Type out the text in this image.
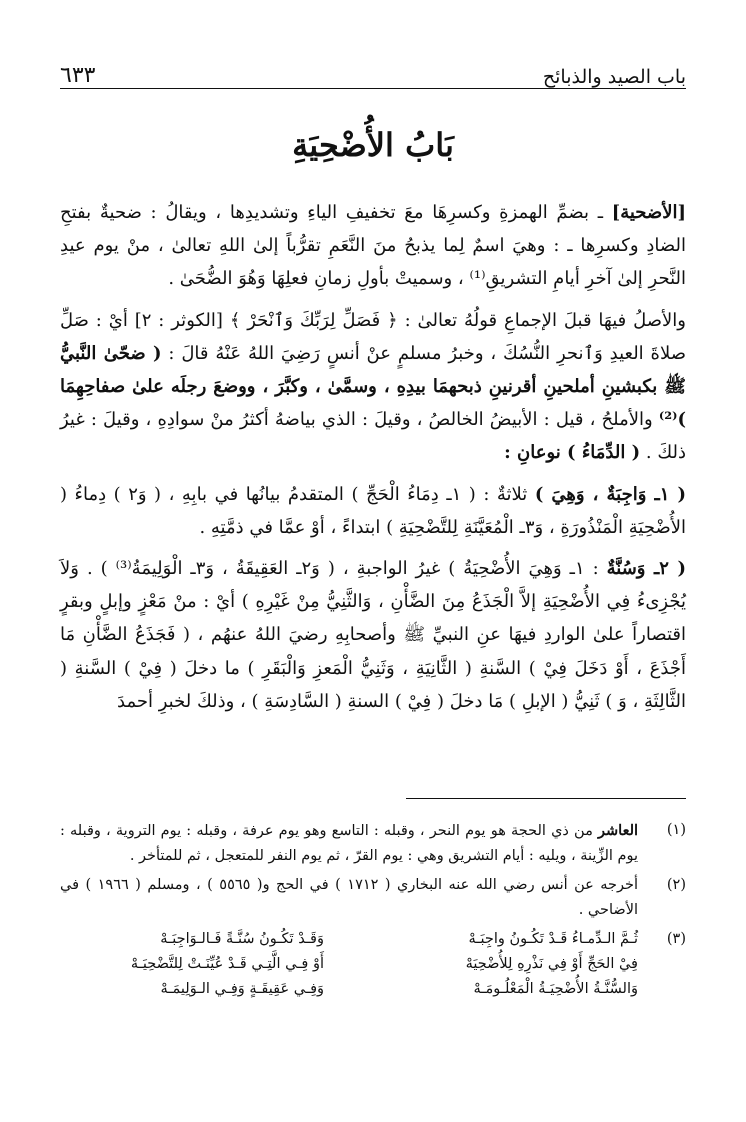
باب الصيد والذبائح
٦٣٣
بَابُ الأُضْحِيَةِ

[الأضحية] ـ بضمِّ الهمزةِ وكسرِهَا معَ تخفيفِ الياءِ وتشديدِها ، ويقالُ : ضحيةٌ بفتحِ الضادِ وكسرِها ـ : وهيَ اسمٌ لِما يذبحُ منَ النَّعَمِ تقرُّباً إلىٰ اللهِ تعالىٰ ، منْ يوم عيدِ النَّحرِ إلىٰ آخرِ أيامِ التشريقِ⁽¹⁾ ، وسميتْ بأولِ زمانِ فعلِهَا وَهُوَ الضُّحَىٰ .

والأصلُ فيهَا قبلَ الإجماعِ قولُهُ تعالىٰ : ﴿ فَصَلِّ لِرَبِّكَ وَٱنْحَرْ ﴾ [الكوثر : ٢] أيْ : صَلِّ صلاةَ العيدِ وَٱنحرِ النُّسُكَ ، وخبرُ مسلمٍ عنْ أنسٍ رَضِيَ اللهُ عَنْهُ قالَ : ( ضحّىٰ النَّبيُّ ﷺ بكبشينِ أملحينِ أقرنينِ ذبحهمَا بيدِهِ ، وسمَّىٰ ، وكبَّرَ ، ووضعَ رجلَه علىٰ صفاحِهِمَا )⁽²⁾ والأملحُ ، قيل : الأبيضُ الخالصُ ، وقيلَ : الذي بياضهُ أكثرُ منْ سوادِهِ ، وقيلَ : غيرُ ذلكَ . ( الدِّمَاءُ ) نوعانِ :

( ١ـ وَاجِبَةٌ ، وَهِيَ ) ثلاثةٌ : ( ١ـ دِمَاءُ الْحَجِّ ) المتقدمُ بيانُها في بابِهِ ، ( وَ٢ ) دِماءُ ( الأُضْحِيَةِ الْمَنْذُورَةِ ، وَ٣ـ الْمُعَيَّنَةِ لِلتَّضْحِيَةِ ) ابتداءً ، أوْ عمَّا في ذمَّتِهِ .

( ٢ـ وَسُنَّةٌ : ١ـ وَهِيَ الأُضْحِيَةُ ) غيرُ الواجبةِ ، ( وَ٢ـ العَقِيقَةُ ، وَ٣ـ الْوَلِيمَةُ⁽³⁾ ) . وَلاَ يُجْزِىءُ فِي الأُضْحِيَةِ إلاَّ الْجَذَعُ مِنَ الضَّأْنِ ، وَالثَّنِيُّ مِنْ غَيْرِهِ ) أيْ : منْ مَعْزٍ وإبلٍ وبقرٍ اقتصاراً علىٰ الواردِ فيهَا عنِ النبيِّ ﷺ وأصحابِهِ رضيَ اللهُ عنهُم ، ( فَجَذَعُ الضَّأْنِ مَا أَجْذَعَ ، أَوْ دَخَلَ فِيْ ) السَّنةِ ( الثَّانِيَةِ ، وَثَنِيُّ الْمَعزِ وَالْبَقَرِ ) ما دخلَ ( فِيْ ) السَّنةِ ( الثَّالِثَةِ ، وَ ) ثَنِيُّ ( الإبلِ ) مَا دخلَ ( فِيْ ) السنةِ ( السَّادِسَةِ ) ، وذلكَ لخبرِ أحمدَ

(١)
العاشر من ذي الحجة هو يوم النحر ، وقبله : التاسع وهو يوم عرفة ، وقبله : يوم التروية ، وقبله : يوم الزِّينة ، ويليه : أيام التشريق وهي : يوم القرّ ، ثم يوم النفر للمتعجل ، ثم للمتأخر .
(٢)
أخرجه عن أنس رضي الله عنه البخاري ( ١٧١٢ ) في الحج و( ٥٥٦٥ ) ، ومسلم ( ١٩٦٦ ) في الأضاحي .
(٣)
ثُـمَّ الـدِّمـاءُ قَـدْ تَكُـونُ واجِبَـهْ
وَقَـدْ تَكُـونُ سُنَّـةً فَـالـوَاجِبَـهْ
فِيْ الحَجِّ أَوْ فِي نَذْرِهِ لِلأُضْحِيَهْ
أَوْ فِـي الَّتِـي قَـدْ عُيِّنَـتْ لِلتَّضْحِيَـهْ
وَالسُّنَّـةُ الأُضْحِيَـةُ الْمَعْلُـومَـهْ
وَفِـي عَقِيقَـةٍ وَفِـي الـوَلِيمَـهْ
